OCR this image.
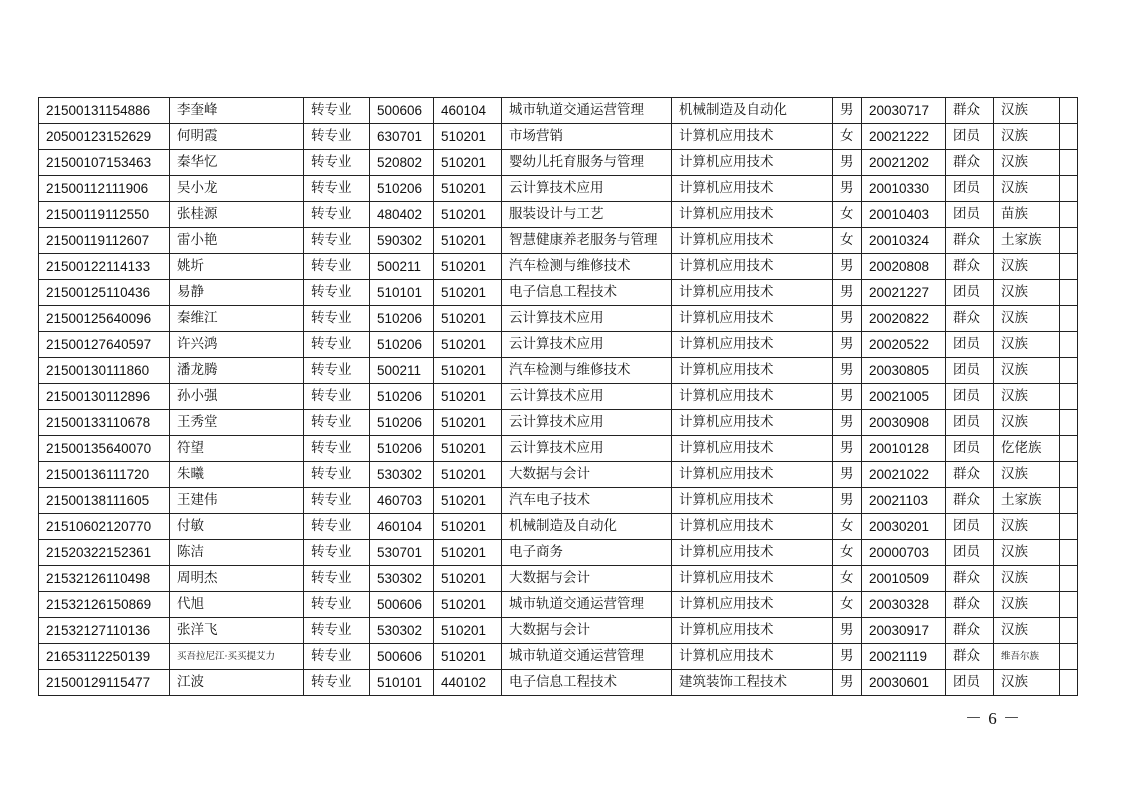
21500131154886	李奎峰	转专业	500606	460104	城市轨道交通运营管理	机械制造及自动化	男	20030717	群众	汉族	
20500123152629	何明霞	转专业	630701	510201	市场营销	计算机应用技术	女	20021222	团员	汉族	
21500107153463	秦华忆	转专业	520802	510201	婴幼儿托育服务与管理	计算机应用技术	男	20021202	群众	汉族	
21500112111906	吴小龙	转专业	510206	510201	云计算技术应用	计算机应用技术	男	20010330	团员	汉族	
21500119112550	张桂源	转专业	480402	510201	服装设计与工艺	计算机应用技术	女	20010403	团员	苗族	
21500119112607	雷小艳	转专业	590302	510201	智慧健康养老服务与管理	计算机应用技术	女	20010324	群众	土家族	
21500122114133	姚圻	转专业	500211	510201	汽车检测与维修技术	计算机应用技术	男	20020808	群众	汉族	
21500125110436	易静	转专业	510101	510201	电子信息工程技术	计算机应用技术	男	20021227	团员	汉族	
21500125640096	秦维江	转专业	510206	510201	云计算技术应用	计算机应用技术	男	20020822	群众	汉族	
21500127640597	许兴鸿	转专业	510206	510201	云计算技术应用	计算机应用技术	男	20020522	团员	汉族	
21500130111860	潘龙腾	转专业	500211	510201	汽车检测与维修技术	计算机应用技术	男	20030805	团员	汉族	
21500130112896	孙小强	转专业	510206	510201	云计算技术应用	计算机应用技术	男	20021005	团员	汉族	
21500133110678	王秀堂	转专业	510206	510201	云计算技术应用	计算机应用技术	男	20030908	团员	汉族	
21500135640070	符望	转专业	510206	510201	云计算技术应用	计算机应用技术	男	20010128	团员	仡佬族	
21500136111720	朱曦	转专业	530302	510201	大数据与会计	计算机应用技术	男	20021022	群众	汉族	
21500138111605	王建伟	转专业	460703	510201	汽车电子技术	计算机应用技术	男	20021103	群众	土家族	
21510602120770	付敏	转专业	460104	510201	机械制造及自动化	计算机应用技术	女	20030201	团员	汉族	
21520322152361	陈洁	转专业	530701	510201	电子商务	计算机应用技术	女	20000703	团员	汉族	
21532126110498	周明杰	转专业	530302	510201	大数据与会计	计算机应用技术	女	20010509	群众	汉族	
21532126150869	代旭	转专业	500606	510201	城市轨道交通运营管理	计算机应用技术	女	20030328	群众	汉族	
21532127110136	张洋飞	转专业	530302	510201	大数据与会计	计算机应用技术	男	20030917	群众	汉族	
21653112250139	买吾拉尼江·买买提艾力	转专业	500606	510201	城市轨道交通运营管理	计算机应用技术	男	20021119	群众	维吾尔族	
21500129115477	江波	转专业	510101	440102	电子信息工程技术	建筑装饰工程技术	男	20030601	团员	汉族	
－ 6 －
